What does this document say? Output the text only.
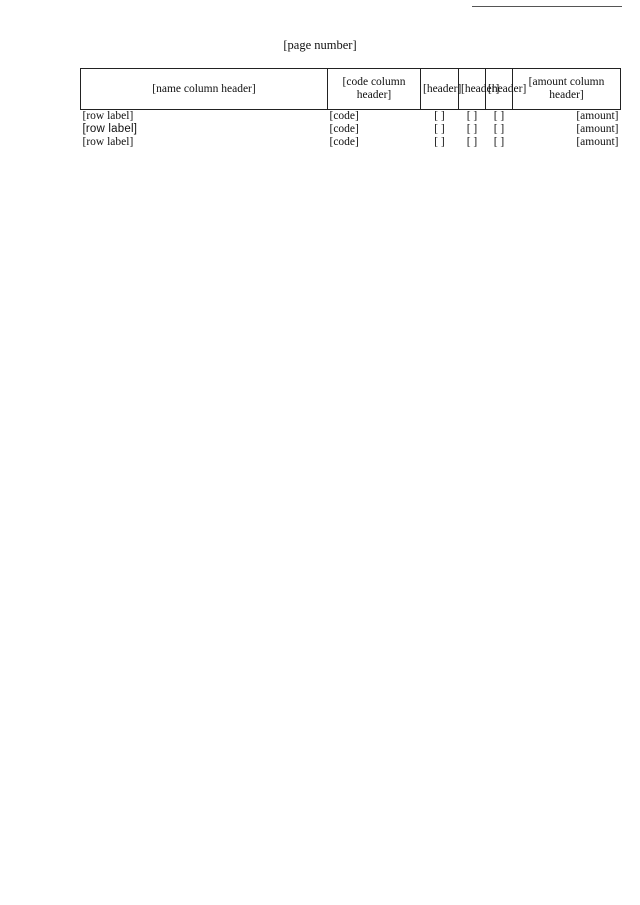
[page number]
[name column header]	[code column header]	[header]	[header]	[header]	[amount column header]
[row label]	[code]	[ ]	[ ]	[ ]	[amount]
[row label]	[code]	[ ]	[ ]	[ ]	[amount]
[row label]	[code]	[ ]	[ ]	[ ]	[amount]
